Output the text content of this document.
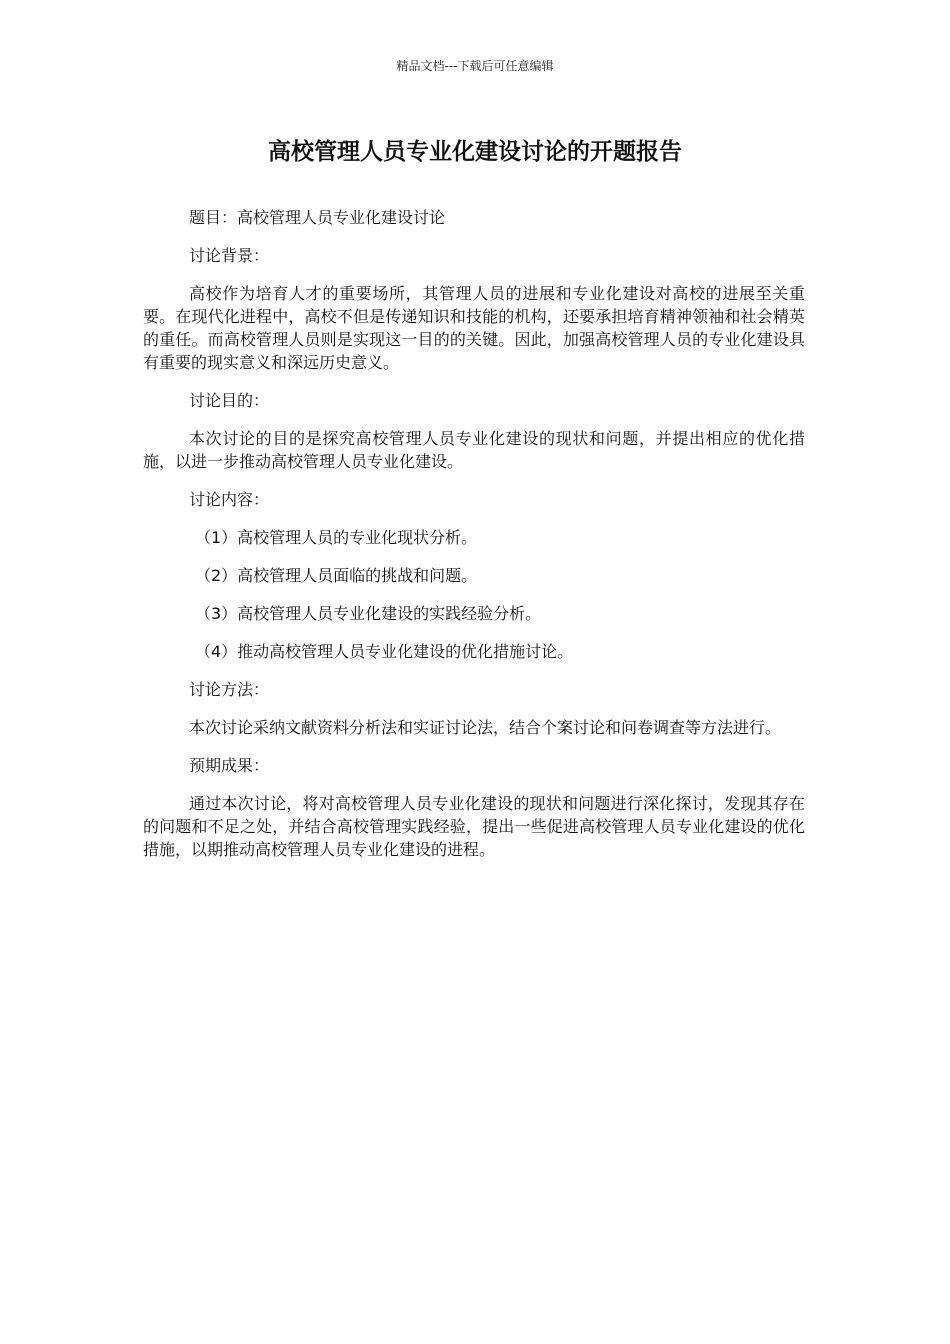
精品文档---下载后可任意编辑
高校管理人员专业化建设讨论的开题报告

题目：高校管理人员专业化建设讨论

讨论背景：

高校作为培育人才的重要场所，其管理人员的进展和专业化建设对高校的进展至关重要。在现代化进程中，高校不但是传递知识和技能的机构，还要承担培育精神领袖和社会精英的重任。而高校管理人员则是实现这一目的的关键。因此，加强高校管理人员的专业化建设具有重要的现实意义和深远历史意义。

讨论目的：

本次讨论的目的是探究高校管理人员专业化建设的现状和问题，并提出相应的优化措施，以进一步推动高校管理人员专业化建设。

讨论内容：

（1）高校管理人员的专业化现状分析。

（2）高校管理人员面临的挑战和问题。

（3）高校管理人员专业化建设的实践经验分析。

（4）推动高校管理人员专业化建设的优化措施讨论。

讨论方法：

本次讨论采纳文献资料分析法和实证讨论法，结合个案讨论和问卷调查等方法进行。

预期成果：

通过本次讨论，将对高校管理人员专业化建设的现状和问题进行深化探讨，发现其存在的问题和不足之处，并结合高校管理实践经验，提出一些促进高校管理人员专业化建设的优化措施，以期推动高校管理人员专业化建设的进程。
